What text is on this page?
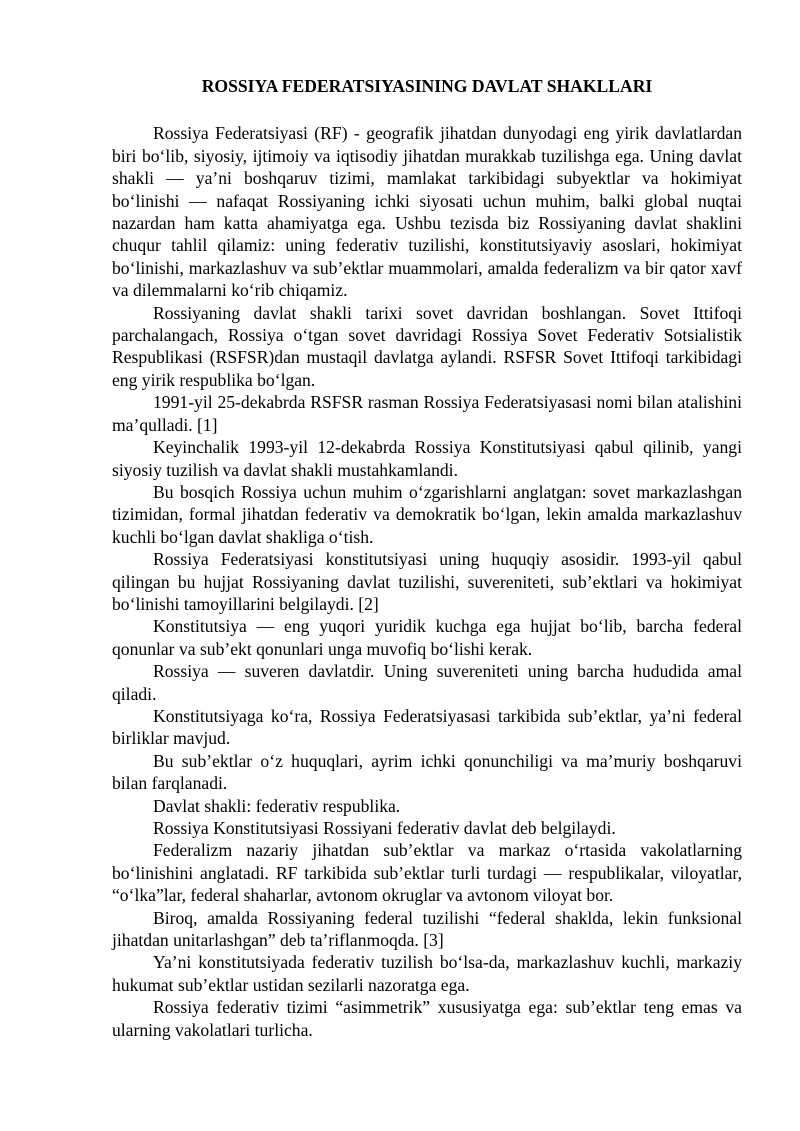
ROSSIYA FEDERATSIYASINING DAVLAT SHAKLLARI

Rossiya Federatsiyasi (RF) - geografik jihatdan dunyodagi eng yirik davlatlardan biri bo‘lib, siyosiy, ijtimoiy va iqtisodiy jihatdan murakkab tuzilishga ega. Uning davlat shakli — ya’ni boshqaruv tizimi, mamlakat tarkibidagi subyektlar va hokimiyat bo‘linishi — nafaqat Rossiyaning ichki siyosati uchun muhim, balki global nuqtai nazardan ham katta ahamiyatga ega. Ushbu tezisda biz Rossiyaning davlat shaklini chuqur tahlil qilamiz: uning federativ tuzilishi, konstitutsiyaviy asoslari, hokimiyat bo‘linishi, markazlashuv va sub’ektlar muammolari, amalda federalizm va bir qator xavf va dilemmalarni ko‘rib chiqamiz.

Rossiyaning davlat shakli tarixi sovet davridan boshlangan. Sovet Ittifoqi parchalangach, Rossiya o‘tgan sovet davridagi Rossiya Sovet Federativ Sotsialistik Respublikasi (RSFSR)dan mustaqil davlatga aylandi. RSFSR Sovet Ittifoqi tarkibidagi eng yirik respublika bo‘lgan.

1991-yil 25-dekabrda RSFSR rasman Rossiya Federatsiyasasi nomi bilan atalishini ma’qulladi. [1]

Keyinchalik 1993-yil 12-dekabrda Rossiya Konstitutsiyasi qabul qilinib, yangi siyosiy tuzilish va davlat shakli mustahkamlandi.

Bu bosqich Rossiya uchun muhim o‘zgarishlarni anglatgan: sovet markazlashgan tizimidan, formal jihatdan federativ va demokratik bo‘lgan, lekin amalda markazlashuv kuchli bo‘lgan davlat shakliga o‘tish.

Rossiya Federatsiyasi konstitutsiyasi uning huquqiy asosidir. 1993-yil qabul qilingan bu hujjat Rossiyaning davlat tuzilishi, suvereniteti, sub’ektlari va hokimiyat bo‘linishi tamoyillarini belgilaydi. [2]

Konstitutsiya — eng yuqori yuridik kuchga ega hujjat bo‘lib, barcha federal qonunlar va sub’ekt qonunlari unga muvofiq bo‘lishi kerak.

Rossiya — suveren davlatdir. Uning suvereniteti uning barcha hududida amal qiladi.

Konstitutsiyaga ko‘ra, Rossiya Federatsiyasasi tarkibida sub’ektlar, ya’ni federal birliklar mavjud.

Bu sub’ektlar o‘z huquqlari, ayrim ichki qonunchiligi va ma’muriy boshqaruvi bilan farqlanadi.

Davlat shakli: federativ respublika.

Rossiya Konstitutsiyasi Rossiyani federativ davlat deb belgilaydi.

Federalizm nazariy jihatdan sub’ektlar va markaz o‘rtasida vakolatlarning bo‘linishini anglatadi. RF tarkibida sub’ektlar turli turdagi — respublikalar, viloyatlar, “o‘lka”lar, federal shaharlar, avtonom okruglar va avtonom viloyat bor.

Biroq, amalda Rossiyaning federal tuzilishi “federal shaklda, lekin funksional jihatdan unitarlashgan” deb ta’riflanmoqda. [3]

Ya’ni konstitutsiyada federativ tuzilish bo‘lsa-da, markazlashuv kuchli, markaziy hukumat sub’ektlar ustidan sezilarli nazoratga ega.

Rossiya federativ tizimi “asimmetrik” xususiyatga ega: sub’ektlar teng emas va ularning vakolatlari turlicha.
